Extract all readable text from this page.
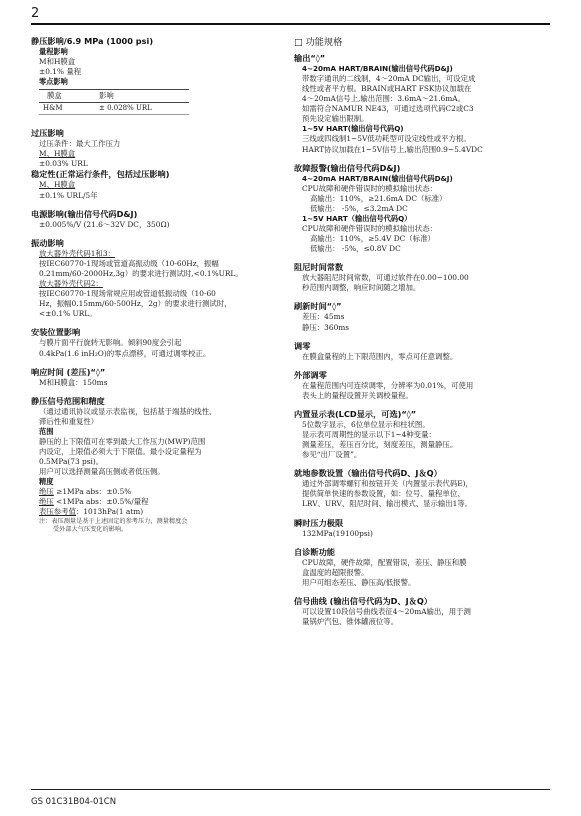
2
静压影响/6.9 MPa (1000 psi)
量程影响
M和H膜盒
±0.1% 量程
零点影响
膜盒	影响
H&M	± 0.028% URL
过压影响
过压条件：最大工作压力
M、H膜盒
±0.03% URL
稳定性(正常运行条件，包括过压影响)
M、H膜盒
±0.1% URL/5年
电源影响(输出信号代码D&J)
±0.005%/V (21.6～32V DC，350Ω)
振动影响
放大器外壳代码1和3：
按IEC60770-1现场或管道高振动级（10-60Hz，振幅
0.21mm/60-2000Hz,3g）的要求进行测试时,<0.1%URL。
放大器外壳代码2：
按IEC60770-1现场常规应用或管道低振动级（10-60
Hz，振幅0.15mm/60-500Hz，2g）的要求进行测试时，
<±0.1% URL。
安装位置影响
与膜片面平行旋转无影响。倾斜90度会引起
0.4kPa(1.6 inH₂O)的零点漂移，可通过调零校正。
响应时间 (差压)“◊”
M和H膜盒：150ms
静压信号范围和精度
（通过通讯协议或显示表监视，包括基于端基的线性、
滞后性和重复性）
范围
静压的上下限值可在零到最大工作压力(MWP)范围
内设定，上限值必须大于下限值。最小设定量程为
0.5MPa(73 psi)。
用户可以选择测量高压侧或者低压侧。
精度
绝压 ≥1MPa abs：±0.5%
绝压 <1MPa abs：±0.5%/量程
表压参考值：1013hPa(1 atm)
注：表压测量是基于上述固定的参考压力，测量精度会
受外部大气压变化的影响。
□ 功能规格
输出“◊”
4~20mA HART/BRAIN(输出信号代码D&J)
带数字通讯的二线制，4～20mA DC输出，可设定成
线性或者平方根。BRAIN或HART FSK协议加载在
4～20mA信号上,输出范围：3.6mA～21.6mA。
如需符合NAMUR NE43，可通过选项代码C2或C3
预先设定输出限制。
1~5V HART(输出信号代码Q)
三线或四线制1~5V低功耗型可设定线性或平方根。
HART协议加载在1~5V信号上,输出范围0.9~5.4VDC
故障报警(输出信号代码D&J)
4~20mA HART/BRAIN(输出信号代码D&J)
CPU故障和硬件错误时的模拟输出状态：
高输出：110%，≥21.6mA DC（标准）
低输出： -5%，≤3.2mA DC
1~5V HART（输出信号代码Q）
CPU故障和硬件错误时的模拟输出状态：
高输出：110%，≥5.4V DC（标准）
低输出： -5%，≤0.8V DC
阻尼时间常数
放大器阻尼时间常数，可通过软件在0.00~100.00
秒范围内调整，响应时间随之增加。
刷新时间“◊”
差压：45ms
静压：360ms
调零
在膜盒量程的上下限范围内，零点可任意调整。
外部调零
在量程范围内可连续调零，分辨率为0.01%，可使用
表头上的量程设置开关调校量程。
内置显示表(LCD显示，可选)“◊”
5位数字显示，6位单位显示和柱状图。
显示表可周期性的显示以下1~4种变量：
测量差压，差压百分比，刻度差压，测量静压。
参见“出厂设置”。
就地参数设置（输出信号代码D、J＆Q）
通过外部调零螺钉和按钮开关（内置显示表代码E)，
提供简单快速的参数设置，如：位号、量程单位、
LRV、URV、阻尼时间、输出模式、显示输出1等。
瞬时压力极限
132MPa(19100psi)
自诊断功能
CPU故障，硬件故障，配置错误，差压、静压和膜
盒温度的超限报警。
用户可组态差压、静压高/低报警。
信号曲线 (输出信号代码为D、J＆Q）
可以设置10段信号曲线表征4～20mA输出，用于测
量锅炉汽包、锥体罐液位等。
GS 01C31B04-01CN
